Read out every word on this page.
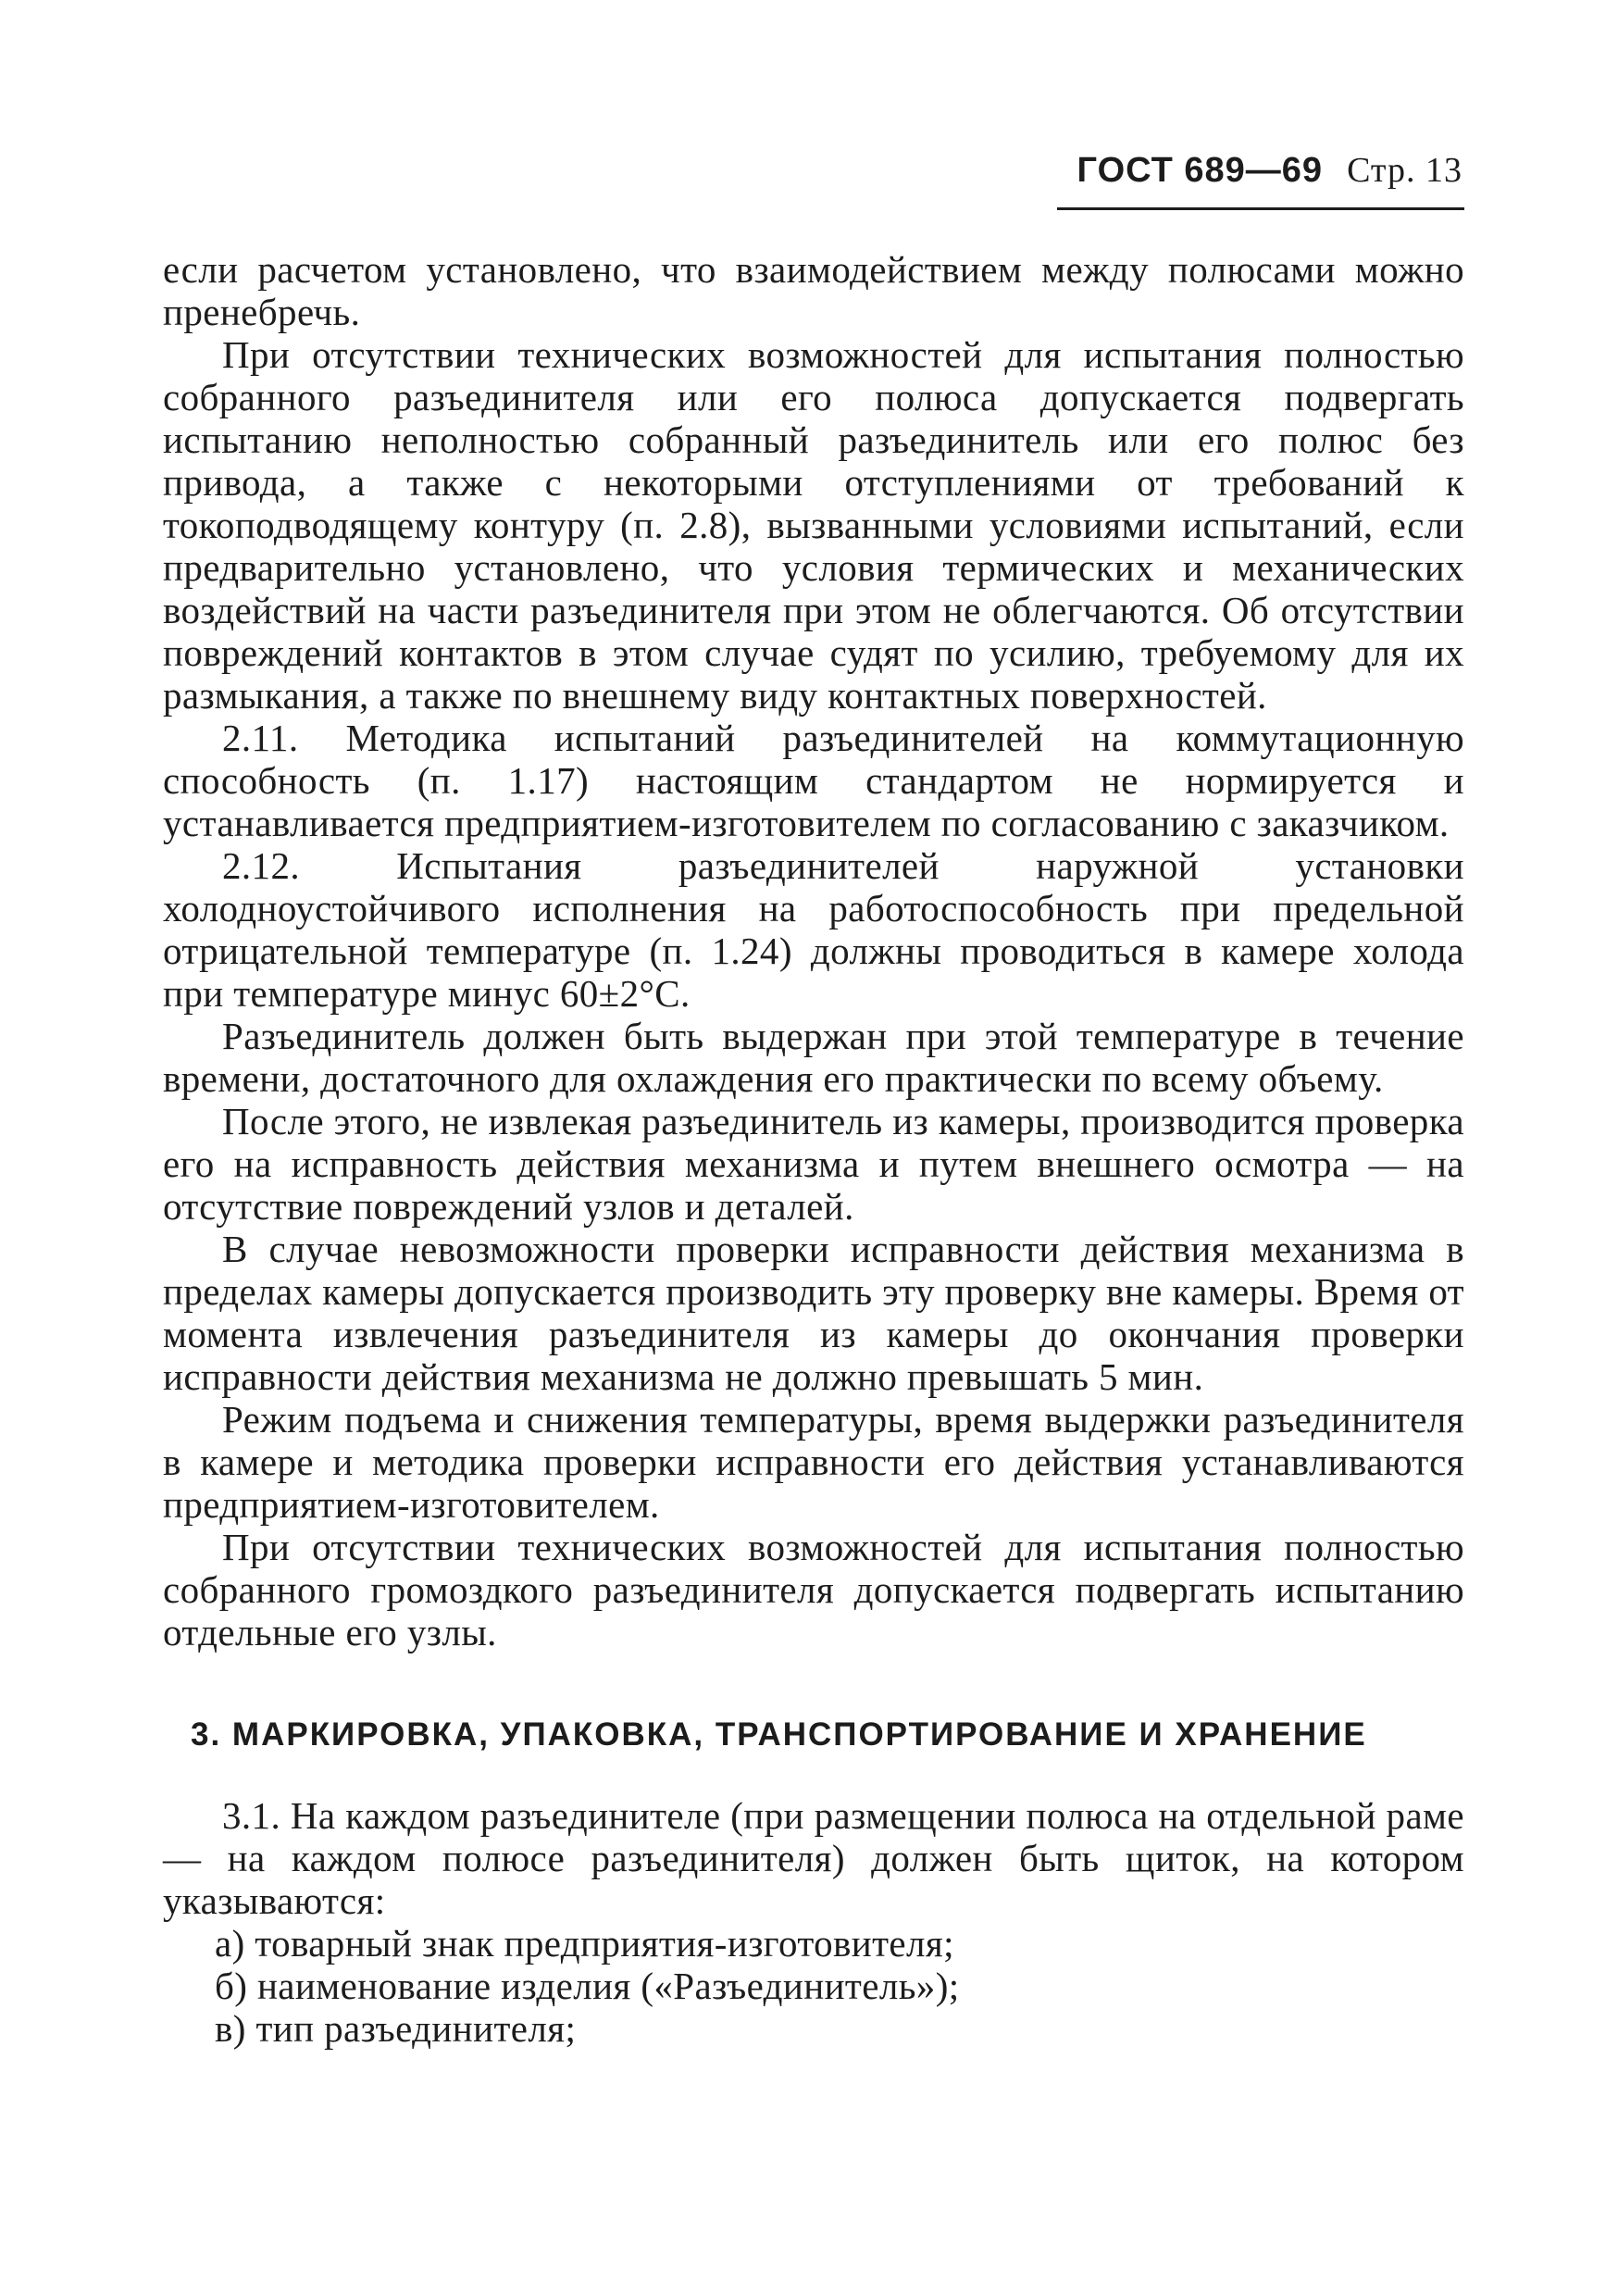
ГОСТ 689—69 Стр. 13

если расчетом установлено, что взаимодействием между полюсами можно пренебречь.

При отсутствии технических возможностей для испытания полностью собранного разъединителя или его полюса допускается подвергать испытанию неполностью собранный разъединитель или его полюс без привода, а также с некоторыми отступлениями от требований к токоподводящему контуру (п. 2.8), вызванными условиями испытаний, если предварительно установлено, что условия термических и механических воздействий на части разъединителя при этом не облегчаются. Об отсутствии повреждений контактов в этом случае судят по усилию, требуемому для их размыкания, а также по внешнему виду контактных поверхностей.

2.11. Методика испытаний разъединителей на коммутационную способность (п. 1.17) настоящим стандартом не нормируется и устанавливается предприятием-изготовителем по согласованию с заказчиком.

2.12. Испытания разъединителей наружной установки холодноустойчивого исполнения на работоспособность при предельной отрицательной температуре (п. 1.24) должны проводиться в камере холода при температуре минус 60±2°С.

Разъединитель должен быть выдержан при этой температуре в течение времени, достаточного для охлаждения его практически по всему объему.

После этого, не извлекая разъединитель из камеры, производится проверка его на исправность действия механизма и путем внешнего осмотра — на отсутствие повреждений узлов и деталей.

В случае невозможности проверки исправности действия механизма в пределах камеры допускается производить эту проверку вне камеры. Время от момента извлечения разъединителя из камеры до окончания проверки исправности действия механизма не должно превышать 5 мин.

Режим подъема и снижения температуры, время выдержки разъединителя в камере и методика проверки исправности его действия устанавливаются предприятием-изготовителем.

При отсутствии технических возможностей для испытания полностью собранного громоздкого разъединителя допускается подвергать испытанию отдельные его узлы.

3. МАРКИРОВКА, УПАКОВКА, ТРАНСПОРТИРОВАНИЕ И ХРАНЕНИЕ

3.1. На каждом разъединителе (при размещении полюса на отдельной раме — на каждом полюсе разъединителя) должен быть щиток, на котором указываются:

а) товарный знак предприятия-изготовителя;

б) наименование изделия («Разъединитель»);

в) тип разъединителя;
